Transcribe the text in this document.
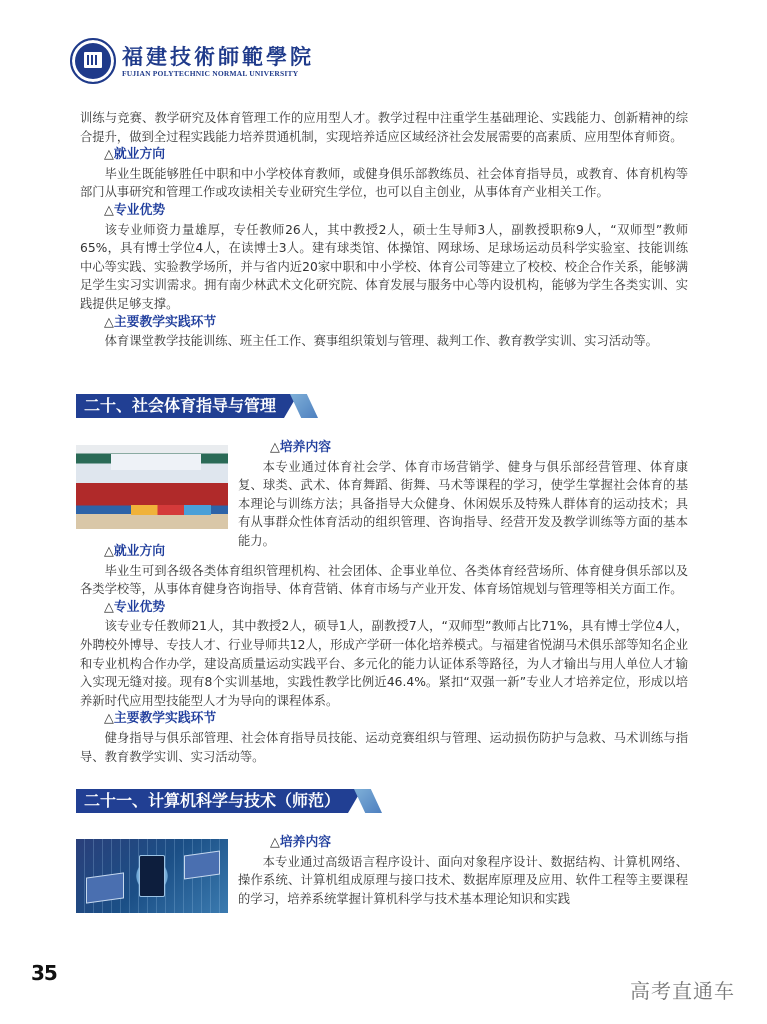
福建技術師範學院
FUJIAN POLYTECHNIC NORMAL UNIVERSITY

训练与竞赛、教学研究及体育管理工作的应用型人才。教学过程中注重学生基础理论、实践能力、创新精神的综合提升，做到全过程实践能力培养贯通机制，实现培养适应区域经济社会发展需要的高素质、应用型体育师资。

△就业方向

毕业生既能够胜任中职和中小学校体育教师，或健身俱乐部教练员、社会体育指导员，或教育、体育机构等部门从事研究和管理工作或攻读相关专业研究生学位，也可以自主创业，从事体育产业相关工作。

△专业优势

该专业师资力量雄厚，专任教师26人，其中教授2人，硕士生导师3人，副教授职称9人，“双师型”教师65%，具有博士学位4人，在读博士3人。建有球类馆、体操馆、网球场、足球场运动员科学实验室、技能训练中心等实践、实验教学场所，并与省内近20家中职和中小学校、体育公司等建立了校校、校企合作关系，能够满足学生实习实训需求。拥有南少林武术文化研究院、体育发展与服务中心等内设机构，能够为学生各类实训、实践提供足够支撑。

△主要教学实践环节

体育课堂教学技能训练、班主任工作、赛事组织策划与管理、裁判工作、教育教学实训、实习活动等。

二十、社会体育指导与管理

△培养内容

本专业通过体育社会学、体育市场营销学、健身与俱乐部经营管理、体育康复、球类、武术、体育舞蹈、街舞、马术等课程的学习，使学生掌握社会体育的基本理论与训练方法；具备指导大众健身、休闲娱乐及特殊人群体育的运动技术；具有从事群众性体育活动的组织管理、咨询指导、经营开发及教学训练等方面的基本能力。

△就业方向

毕业生可到各级各类体育组织管理机构、社会团体、企事业单位、各类体育经营场所、体育健身俱乐部以及各类学校等，从事体育健身咨询指导、体育营销、体育市场与产业开发、体育场馆规划与管理等相关方面工作。

△专业优势

该专业专任教师21人，其中教授2人，硕导1人，副教授7人，“双师型”教师占比71%，具有博士学位4人，外聘校外博导、专技人才、行业导师共12人，形成产学研一体化培养模式。与福建省悦湖马术俱乐部等知名企业和专业机构合作办学，建设高质量运动实践平台、多元化的能力认证体系等路径，为人才输出与用人单位人才输入实现无缝对接。现有8个实训基地，实践性教学比例近46.4%。紧扣“双强一新”专业人才培养定位，形成以培养新时代应用型技能型人才为导向的课程体系。

△主要教学实践环节

健身指导与俱乐部管理、社会体育指导员技能、运动竞赛组织与管理、运动损伤防护与急救、马术训练与指导、教育教学实训、实习活动等。

二十一、计算机科学与技术（师范）

△培养内容

本专业通过高级语言程序设计、面向对象程序设计、数据结构、计算机网络、操作系统、计算机组成原理与接口技术、数据库原理及应用、软件工程等主要课程的学习，培养系统掌握计算机科学与技术基本理论知识和实践

35
高考直通车
